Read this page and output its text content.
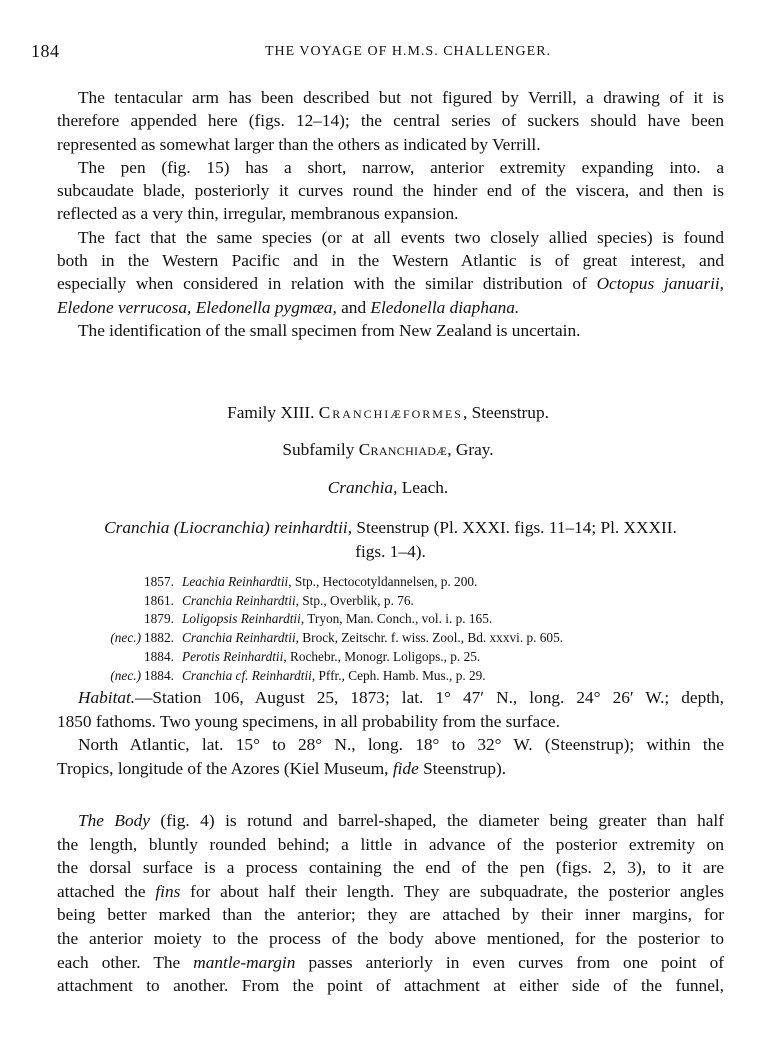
184	THE VOYAGE OF H.M.S. CHALLENGER.
The tentacular arm has been described but not figured by Verrill, a drawing of it is
therefore appended here (figs. 12–14); the central series of suckers should have been
represented as somewhat larger than the others as indicated by Verrill.
The pen (fig. 15) has a short, narrow, anterior extremity expanding into. a
subcaudate blade, posteriorly it curves round the hinder end of the viscera, and then is
reflected as a very thin, irregular, membranous expansion.
The fact that the same species (or at all events two closely allied species) is found
both in the Western Pacific and in the Western Atlantic is of great interest, and
especially when considered in relation with the similar distribution of Octopus januarii,
Eledone verrucosa, Eledonella pygmæa, and Eledonella diaphana.
The identification of the small specimen from New Zealand is uncertain.
Family XIII. Cranchiæformes, Steenstrup.
Subfamily Cranchiadæ, Gray.
Cranchia, Leach.
Cranchia (Liocranchia) reinhardtii, Steenstrup (Pl. XXXI. figs. 11–14; Pl. XXXII.
figs. 1–4).
1857. Leachia Reinhardtii , Stp., Hectocotyldannelsen, p. 200.
1861. Cranchia Reinhardtii , Stp., Overblik, p. 76.
1879. Loligopsis Reinhardtii , Tryon, Man. Conch., vol. i. p. 165.
(nec.) 1882. Cranchia Reinhardtii , Brock, Zeitschr. f. wiss. Zool., Bd. xxxvi. p. 605.
1884. Perotis Reinhardtii , Rochebr., Monogr. Loligops., p. 25.
(nec.) 1884. Cranchia cf. Reinhardtii , Pffr., Ceph. Hamb. Mus., p. 29.
Habitat.—Station 106, August 25, 1873; lat. 1° 47′ N., long. 24° 26′ W.; depth,
1850 fathoms. Two young specimens, in all probability from the surface.
North Atlantic, lat. 15° to 28° N., long. 18° to 32° W. (Steenstrup); within the
Tropics, longitude of the Azores (Kiel Museum, fide Steenstrup).
The Body (fig. 4) is rotund and barrel-shaped, the diameter being greater than half
the length, bluntly rounded behind; a little in advance of the posterior extremity on
the dorsal surface is a process containing the end of the pen (figs. 2, 3), to it are
attached the fins for about half their length. They are subquadrate, the posterior angles
being better marked than the anterior; they are attached by their inner margins, for
the anterior moiety to the process of the body above mentioned, for the posterior to
each other. The mantle-margin passes anteriorly in even curves from one point of
attachment to another. From the point of attachment at either side of the funnel,
